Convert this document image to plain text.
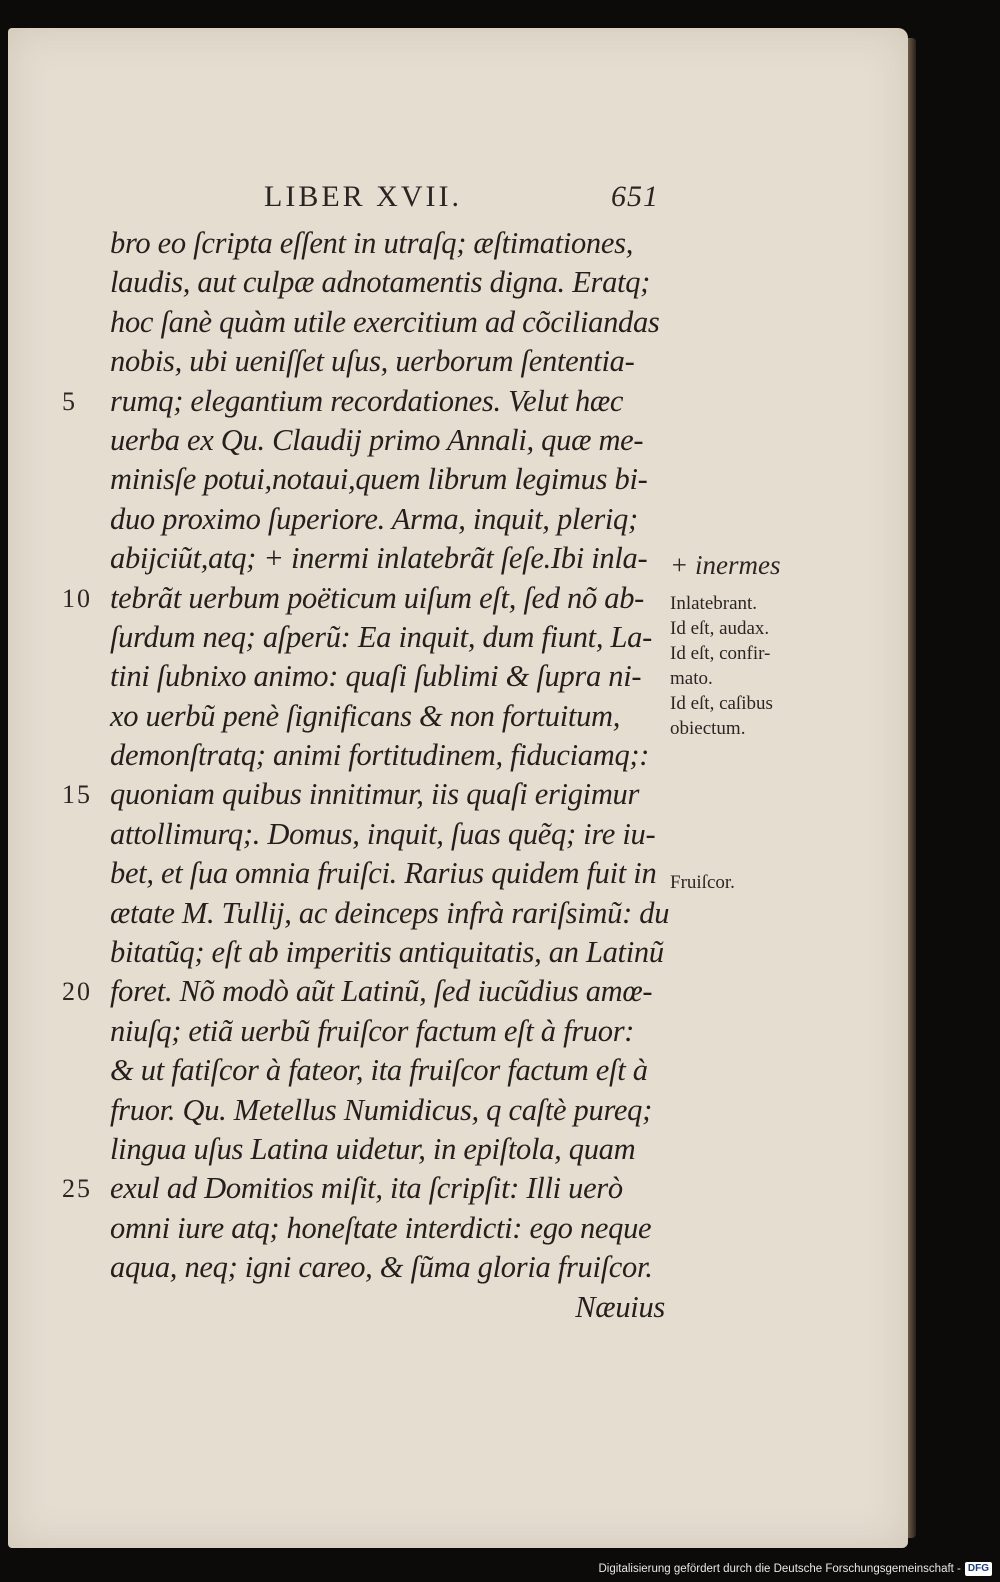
LIBER XVII.	651
bro eo ſcripta eſſent in utraſq; æſtimationes,
laudis, aut culpæ adnotamentis digna. Eratq;
hoc ſanè quàm utile exercitium ad cõciliandas
nobis, ubi ueniſſet uſus, uerborum ſententia-
5 rumq; elegantium recordationes. Velut hæc
uerba ex Qu. Claudij primo Annali, quæ me-
minisſe potui,notaui,quem librum legimus bi-
duo proximo ſuperiore. Arma, inquit, pleriq;
abijciũt,atq; + inermi inlatebrãt ſeſe.Ibi inla-
10 tebrãt uerbum poëticum uiſum eſt, ſed nõ ab-
ſurdum neq; aſperũ: Ea inquit, dum fiunt, La-
tini ſubnixo animo: quaſi ſublimi & ſupra ni-
xo uerbũ penè ſignificans & non fortuitum,
demonſtratq; animi fortitudinem, fiduciamq;:
15 quoniam quibus innitimur, iis quaſi erigimur
attollimurq;. Domus, inquit, ſuas quẽq; ire iu-
bet, et ſua omnia fruiſci. Rarius quidem fuit in
ætate M. Tullij, ac deinceps infrà rariſsimũ: du
bitatũq; eſt ab imperitis antiquitatis, an Latinũ
20 foret. Nõ modò aũt Latinũ, ſed iucũdius amœ-
niuſq; etiã uerbũ fruiſcor factum eſt à fruor:
& ut fatiſcor à fateor, ita fruiſcor factum eſt à
fruor. Qu. Metellus Numidicus, q caſtè pureq;
lingua uſus Latina uidetur, in epiſtola, quam
25 exul ad Domitios miſit, ita ſcripſit: Illi uerò
omni iure atq; honeſtate interdicti: ego neque
aqua, neq; igni careo, & ſũma gloria fruiſcor.
Næuius
+ inermes
Inlatebrant.
Id eſt, audax.
Id eſt, confir-
mato.
Id eſt, caſibus
obiectum.
Fruiſcor.
Digitalisierung gefördert durch die Deutsche Forschungsgemeinschaft - DFG
